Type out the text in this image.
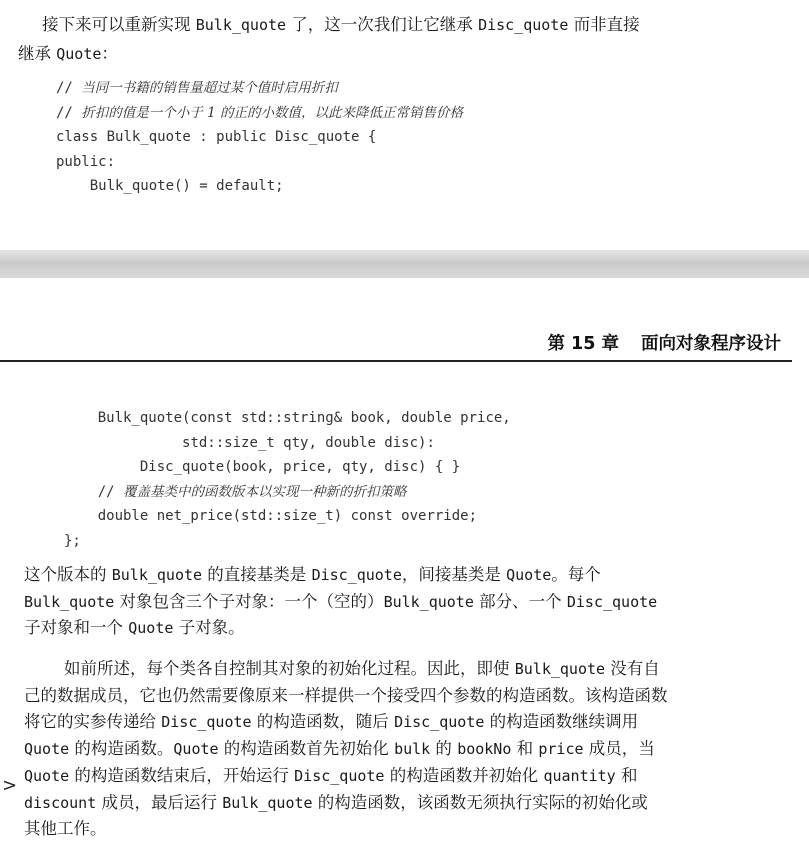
接下来可以重新实现 Bulk_quote 了，这一次我们让它继承 Disc_quote 而非直接

继承 Quote：

// 当同一书籍的销售量超过某个值时启用折扣
// 折扣的值是一个小于 1 的正的小数值，以此来降低正常销售价格
class Bulk_quote : public Disc_quote {
public:
Bulk_quote() = default;
第 15 章 面向对象程序设计
Bulk_quote(const std::string& book, double price,
std::size_t qty, double disc):
Disc_quote(book, price, qty, disc) { }
// 覆盖基类中的函数版本以实现一种新的折扣策略
double net_price(std::size_t) const override;
};

这个版本的 Bulk_quote 的直接基类是 Disc_quote，间接基类是 Quote。每个

Bulk_quote 对象包含三个子对象：一个（空的）Bulk_quote 部分、一个 Disc_quote

子对象和一个 Quote 子对象。

如前所述，每个类各自控制其对象的初始化过程。因此，即使 Bulk_quote 没有自

己的数据成员，它也仍然需要像原来一样提供一个接受四个参数的构造函数。该构造函数

将它的实参传递给 Disc_quote 的构造函数，随后 Disc_quote 的构造函数继续调用

Quote 的构造函数。Quote 的构造函数首先初始化 bulk 的 bookNo 和 price 成员，当

Quote 的构造函数结束后，开始运行 Disc_quote 的构造函数并初始化 quantity 和

discount 成员，最后运行 Bulk_quote 的构造函数，该函数无须执行实际的初始化或

其他工作。

>
